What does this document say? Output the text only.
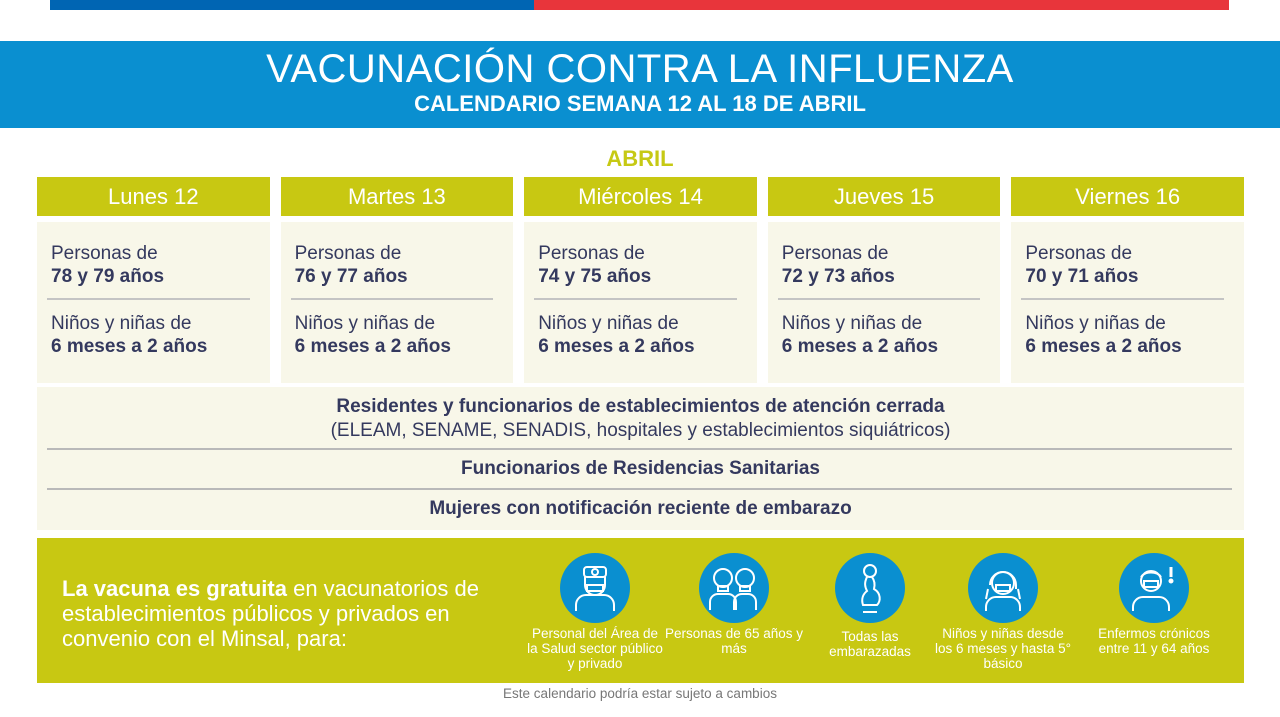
VACUNACIÓN CONTRA LA INFLUENZA
CALENDARIO SEMANA 12 AL 18 DE ABRIL
ABRIL
Lunes 12
Personas de
78 y 79 años
Niños y niñas de
6 meses a 2 años
Martes 13
Personas de
76 y 77 años
Niños y niñas de
6 meses a 2 años
Miércoles 14
Personas de
74 y 75 años
Niños y niñas de
6 meses a 2 años
Jueves 15
Personas de
72 y 73 años
Niños y niñas de
6 meses a 2 años
Viernes 16
Personas de
70 y 71 años
Niños y niñas de
6 meses a 2 años
Residentes y funcionarios de establecimientos de atención cerrada
(ELEAM, SENAME, SENADIS, hospitales y establecimientos siquiátricos)
Funcionarios de Residencias Sanitarias
Mujeres con notificación reciente de embarazo
La vacuna es gratuita en vacunatorios de establecimientos públicos y privados en convenio con el Minsal, para:	Personal del Área de la Salud sector público y privado
Personas de 65 años y más
Todas las embarazadas
Niños y niñas desde los 6 meses y hasta 5° básico
Enfermos crónicos entre 11 y 64 años
Este calendario podría estar sujeto a cambios
